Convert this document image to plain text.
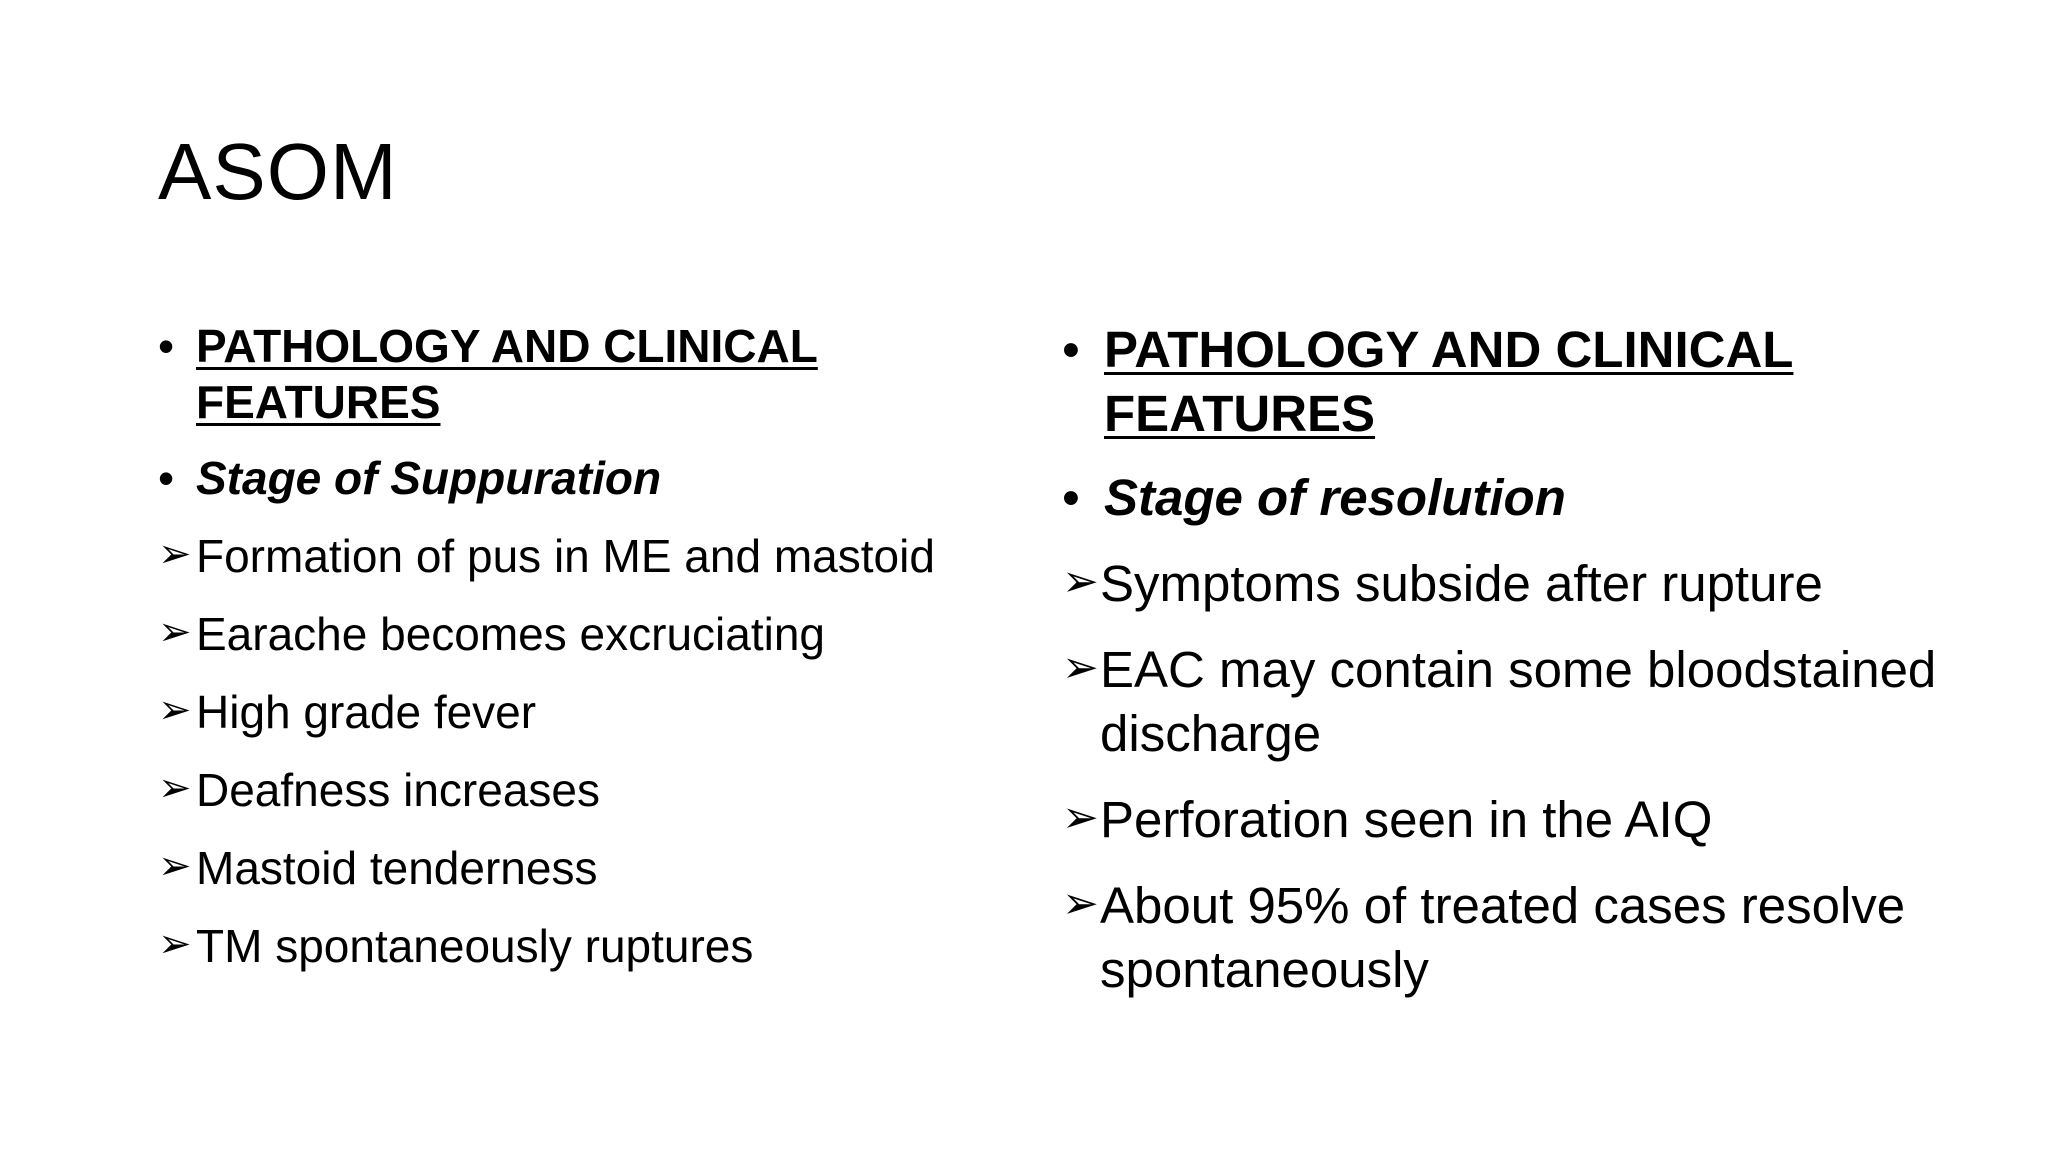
ASOM
• PATHOLOGY AND CLINICAL FEATURES
• Stage of Suppuration
➢ Formation of pus in ME and mastoid
➢ Earache becomes excruciating
➢ High grade fever
➢ Deafness increases
➢ Mastoid tenderness
➢ TM spontaneously ruptures
• PATHOLOGY AND CLINICAL FEATURES
• Stage of resolution
➢ Symptoms subside after rupture
➢ EAC may contain some bloodstained discharge
➢ Perforation seen in the AIQ
➢ About 95% of treated cases resolve spontaneously
